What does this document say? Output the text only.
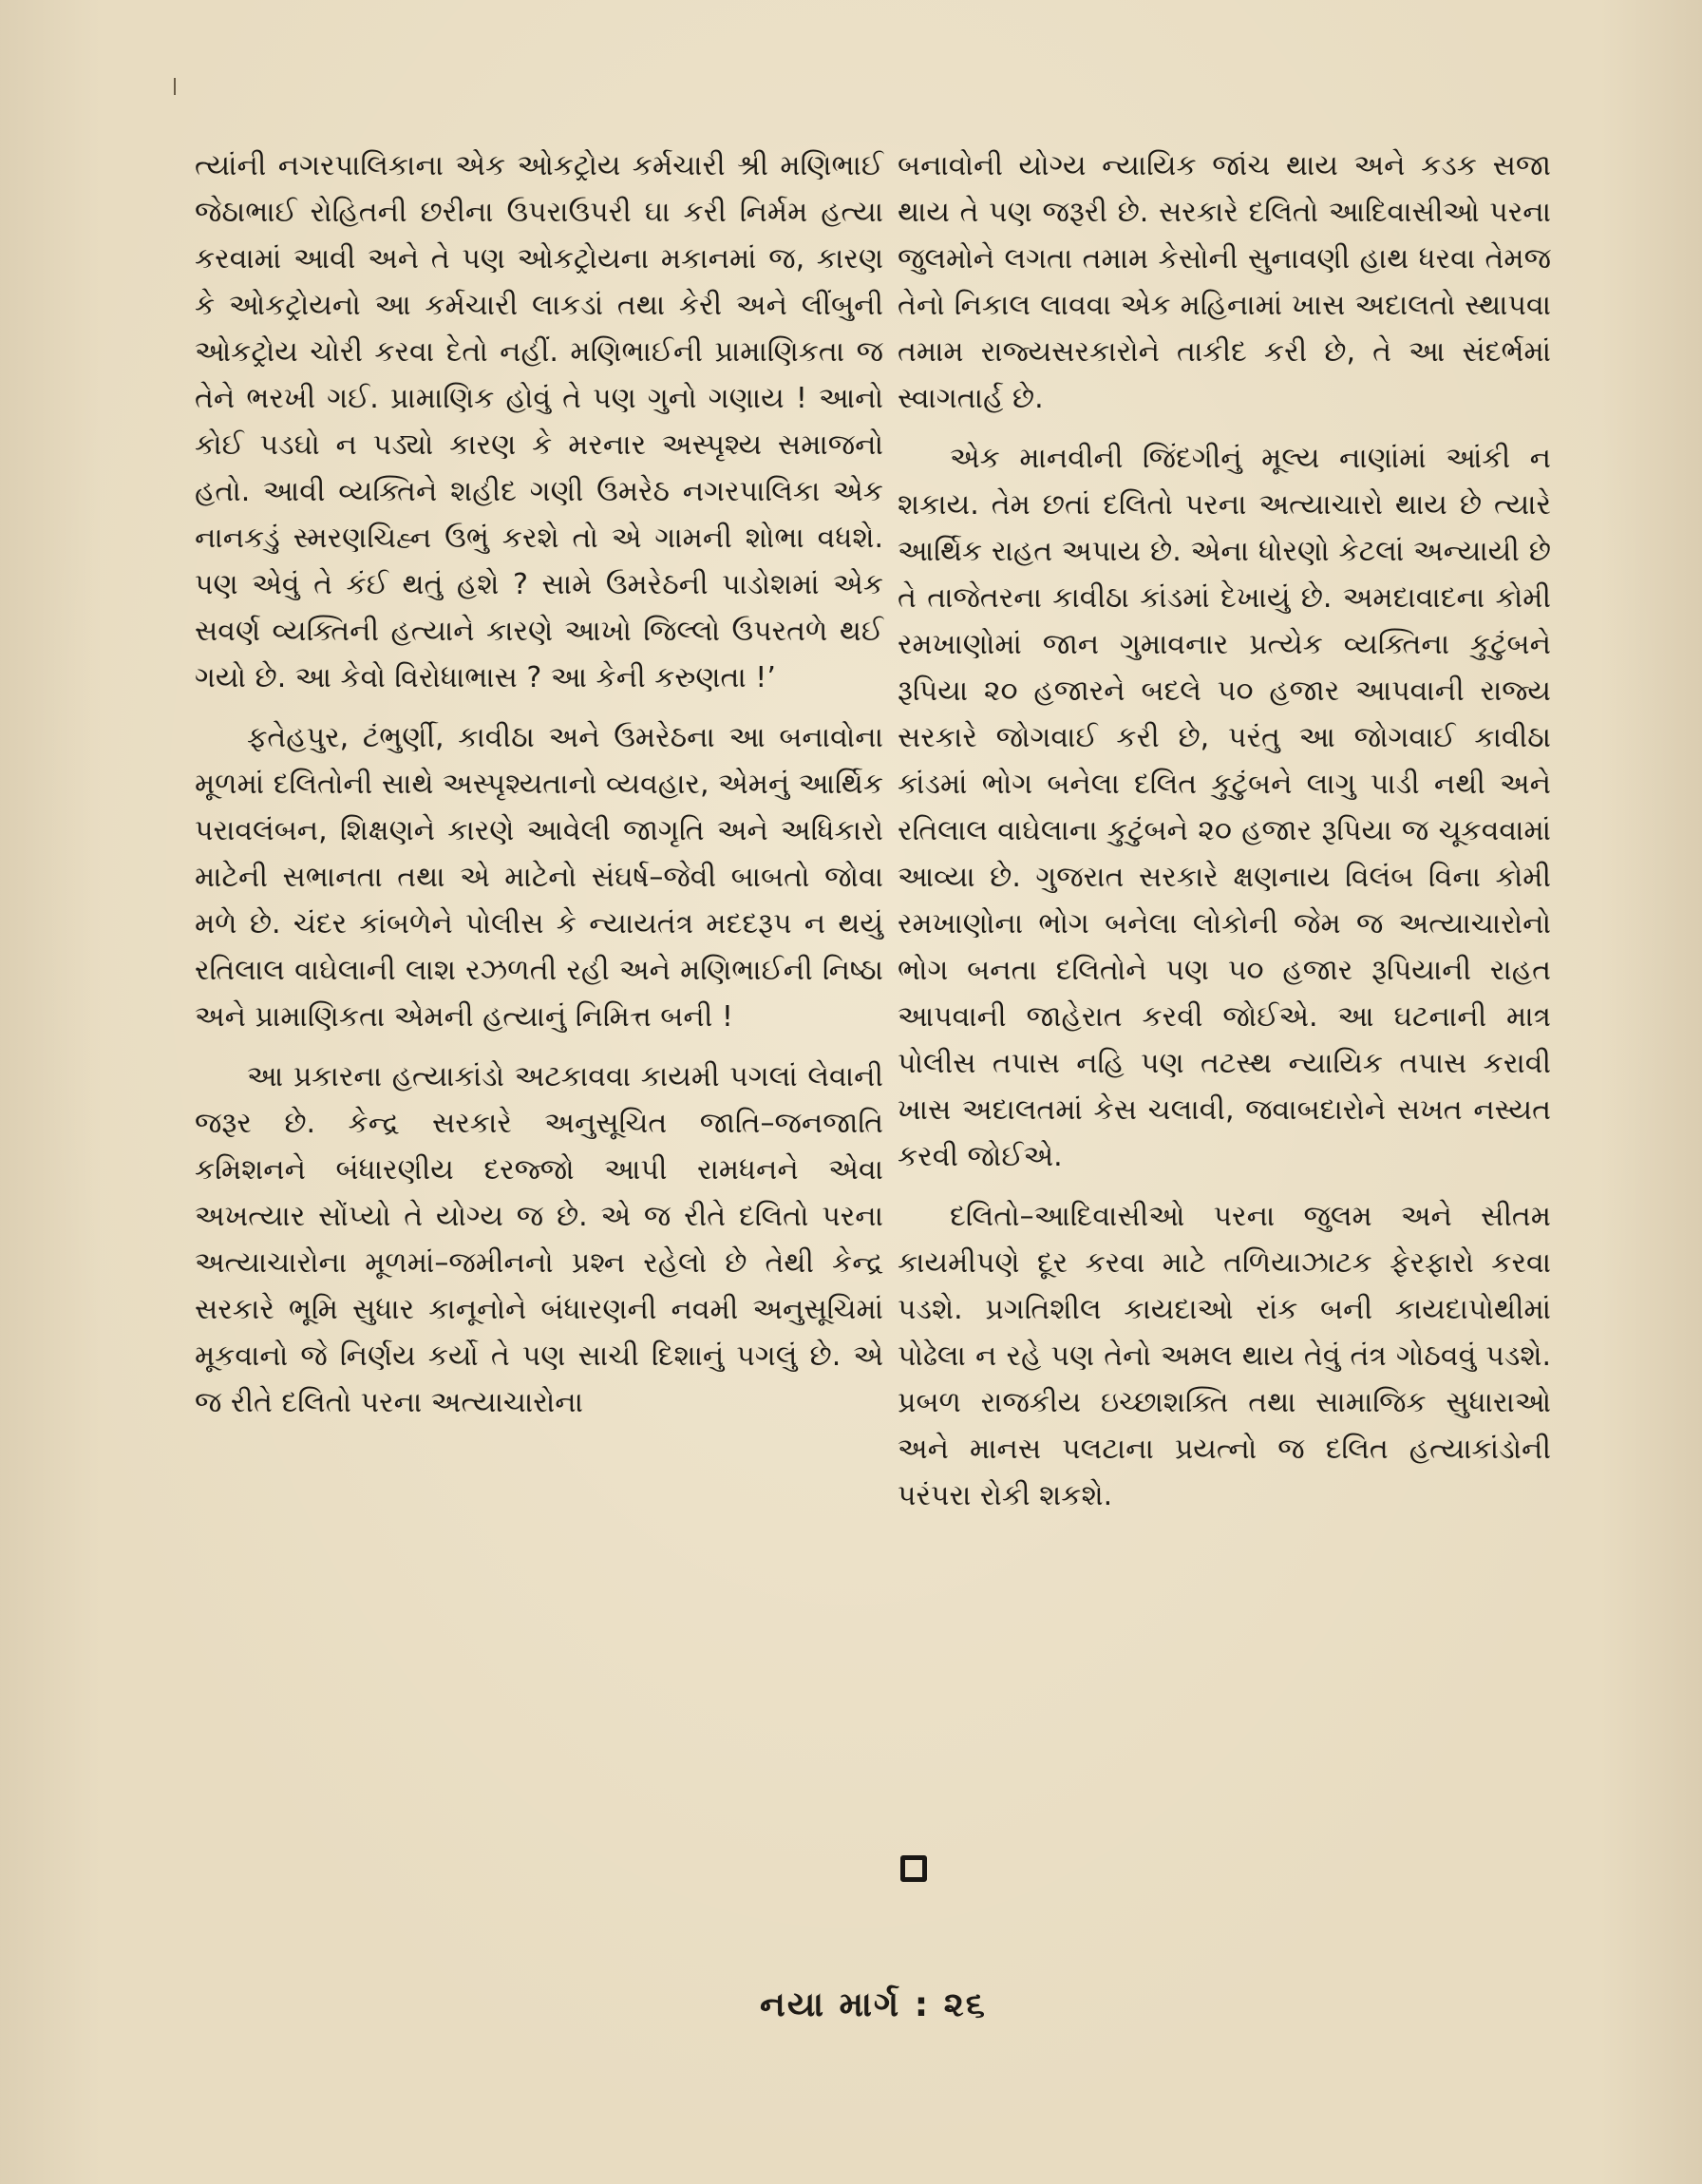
ત્યાંની નગરપાલિકાના એક ઓકટ્રોય કર્મચારી શ્રી મણિભાઈ જેઠાભાઈ રોહિતની છરીના ઉપરાઉપરી ઘા કરી નિર્મમ હત્યા કરવામાં આવી અને તે પણ ઓકટ્રોયના મકાનમાં જ, કારણ કે ઓકટ્રોયનો આ કર્મચારી લાકડાં તથા કેરી અને લીંબુની ઓકટ્રોય ચોરી કરવા દેતો નહીં. મણિભાઈની પ્રામાણિકતા જ તેને ભરખી ગઈ. પ્રામાણિક હોવું તે પણ ગુનો ગણાય ! આનો કોઈ પડઘો ન પડ્યો કારણ કે મરનાર અસ્પૃશ્ય સમાજનો હતો. આવી વ્યક્તિને શહીદ ગણી ઉમરેઠ નગરપાલિકા એક નાનકડું સ્મરણચિહ્ન ઉભું કરશે તો એ ગામની શોભા વધશે. પણ એવું તે કંઈ થતું હશે ? સામે ઉમરેઠની પાડોશમાં એક સવર્ણ વ્યક્તિની હત્યાને કારણે આખો જિલ્લો ઉપરતળે થઈ ગયો છે. આ કેવો વિરોધાભાસ ? આ કેની કરુણતા !’

ફતેહપુર, ટંભુર્ણી, કાવીઠા અને ઉમરેઠના આ બનાવોના મૂળમાં દલિતોની સાથે અસ્પૃશ્યતાનો વ્યવહાર, એમનું આર્થિક પરાવલંબન, શિક્ષણને કારણે આવેલી જાગૃતિ અને અધિકારો માટેની સભાનતા તથા એ માટેનો સંઘર્ષ–જેવી બાબતો જોવા મળે છે. ચંદર કાંબળેને પોલીસ કે ન્યાયતંત્ર મદદરૂપ ન થયું રતિલાલ વાઘેલાની લાશ રઝળતી રહી અને મણિભાઈની નિષ્ઠા અને પ્રામાણિકતા એમની હત્યાનું નિમિત્ત બની !

આ પ્રકારના હત્યાકાંડો અટકાવવા કાયમી પગલાં લેવાની જરૂર છે. કેન્દ્ર સરકારે અનુસૂચિત જાતિ–જનજાતિ કમિશનને બંધારણીય દરજ્જો આપી રામધનને એવા અખત્યાર સોંપ્યો તે યોગ્ય જ છે. એ જ રીતે દલિતો પરના અત્યાચારોના મૂળમાં–જમીનનો પ્રશ્ન રહેલો છે તેથી કેન્દ્ર સરકારે ભૂમિ સુધાર કાનૂનોને બંધારણની નવમી અનુસૂચિમાં મૂકવાનો જે નિર્ણય કર્યો તે પણ સાચી દિશાનું પગલું છે. એ જ રીતે દલિતો પરના અત્યાચારોના

બનાવોની યોગ્ય ન્યાયિક જાંચ થાય અને કડક સજા થાય તે પણ જરૂરી છે. સરકારે દલિતો આદિવાસીઓ પરના જુલમોને લગતા તમામ કેસોની સુનાવણી હાથ ધરવા તેમજ તેનો નિકાલ લાવવા એક મહિનામાં ખાસ અદાલતો સ્થાપવા તમામ રાજ્યસરકારોને તાકીદ કરી છે, તે આ સંદર્ભમાં સ્વાગતાર્હ છે.

એક માનવીની જિંદગીનું મૂલ્ય નાણાંમાં આંકી ન શકાય. તેમ છતાં દલિતો પરના અત્યાચારો થાય છે ત્યારે આર્થિક રાહત અપાય છે. એના ધોરણો કેટલાં અન્યાયી છે તે તાજેતરના કાવીઠા કાંડમાં દેખાયું છે. અમદાવાદના કોમી રમખાણોમાં જાન ગુમાવનાર પ્રત્યેક વ્યક્તિના કુટુંબને રૂપિયા ૨૦ હજારને બદલે ૫૦ હજાર આપવાની રાજ્ય સરકારે જોગવાઈ કરી છે, પરંતુ આ જોગવાઈ કાવીઠા કાંડમાં ભોગ બનેલા દલિત કુટુંબને લાગુ પાડી નથી અને રતિલાલ વાઘેલાના કુટુંબને ૨૦ હજાર રૂપિયા જ ચૂકવવામાં આવ્યા છે. ગુજરાત સરકારે ક્ષણનાય વિલંબ વિના કોમી રમખાણોના ભોગ બનેલા લોકોની જેમ જ અત્યાચારોનો ભોગ બનતા દલિતોને પણ ૫૦ હજાર રૂપિયાની રાહત આપવાની જાહેરાત કરવી જોઈએ. આ ઘટનાની માત્ર પોલીસ તપાસ નહિ પણ તટસ્થ ન્યાયિક તપાસ કરાવી ખાસ અદાલતમાં કેસ ચલાવી, જવાબદારોને સખત નસ્યત કરવી જોઈએ.

દલિતો–આદિવાસીઓ પરના જુલમ અને સીતમ કાયમીપણે દૂર કરવા માટે તળિયાઝાટક ફેરફારો કરવા પડશે. પ્રગતિશીલ કાયદાઓ રાંક બની કાયદાપોથીમાં પોઢેલા ન રહે પણ તેનો અમલ થાય તેવું તંત્ર ગોઠવવું પડશે. પ્રબળ રાજકીય ઇચ્છાશક્તિ તથા સામાજિક સુધારાઓ અને માનસ પલટાના પ્રયત્નો જ દલિત હત્યાકાંડોની પરંપરા રોકી શકશે.

નયા માર્ગ : ૨૬
